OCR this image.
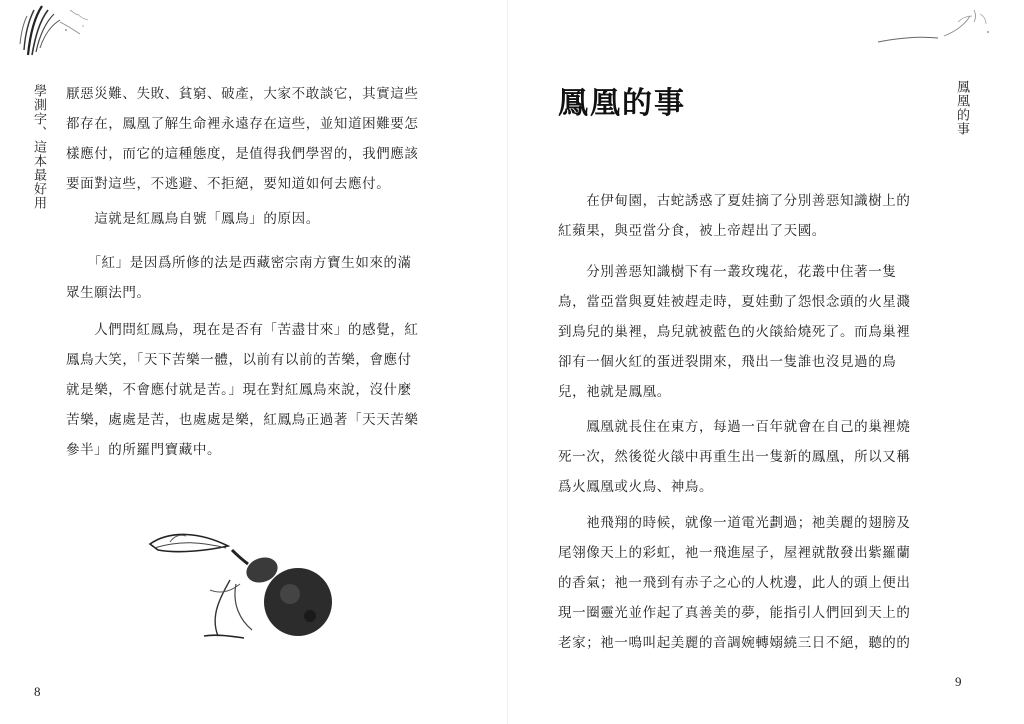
學測字、這本最好用 厭惡災難、失敗、貧窮、破產，大家不敢談它，其實這些
都存在，鳳凰了解生命裡永遠存在這些，並知道困難要怎
樣應付，而它的這種態度，是值得我們學習的，我們應該
要面對這些，不逃避、不拒絕，要知道如何去應付。

　　這就是紅鳳鳥自號「鳳鳥」的原因。

　　「紅」是因爲所修的法是西藏密宗南方寶生如來的滿
眾生願法門。

　　人們問紅鳳鳥，現在是否有「苦盡甘來」的感覺，紅
鳳鳥大笑，「天下苦樂一體，以前有以前的苦樂，會應付
就是樂，不會應付就是苦。」現在對紅鳳鳥來說，沒什麼
苦樂，處處是苦，也處處是樂，紅鳳鳥正過著「天天苦樂
參半」的所羅門寶藏中。

8
鳳凰的事	鳳凰的事

　　在伊甸園，古蛇誘惑了夏娃摘了分別善惡知識樹上的
紅蘋果，與亞當分食，被上帝趕出了天國。

　　分別善惡知識樹下有一叢玫瑰花，花叢中住著一隻
鳥，當亞當與夏娃被趕走時，夏娃動了怨恨念頭的火星濺
到鳥兒的巢裡，鳥兒就被藍色的火燄給燒死了。而鳥巢裡
卻有一個火紅的蛋迸裂開來，飛出一隻誰也沒見過的鳥
兒，祂就是鳳凰。

　　鳳凰就長住在東方，每過一百年就會在自己的巢裡燒
死一次，然後從火燄中再重生出一隻新的鳳凰，所以又稱
爲火鳳凰或火鳥、神鳥。

　　祂飛翔的時候，就像一道電光劃過；祂美麗的翅膀及
尾翎像天上的彩虹，祂一飛進屋子，屋裡就散發出紫羅蘭
的香氣；祂一飛到有赤子之心的人枕邊，此人的頭上便出
現一圈靈光並作起了真善美的夢，能指引人們回到天上的
老家；祂一鳴叫起美麗的音調婉轉嫋繞三日不絕，聽的的

9
